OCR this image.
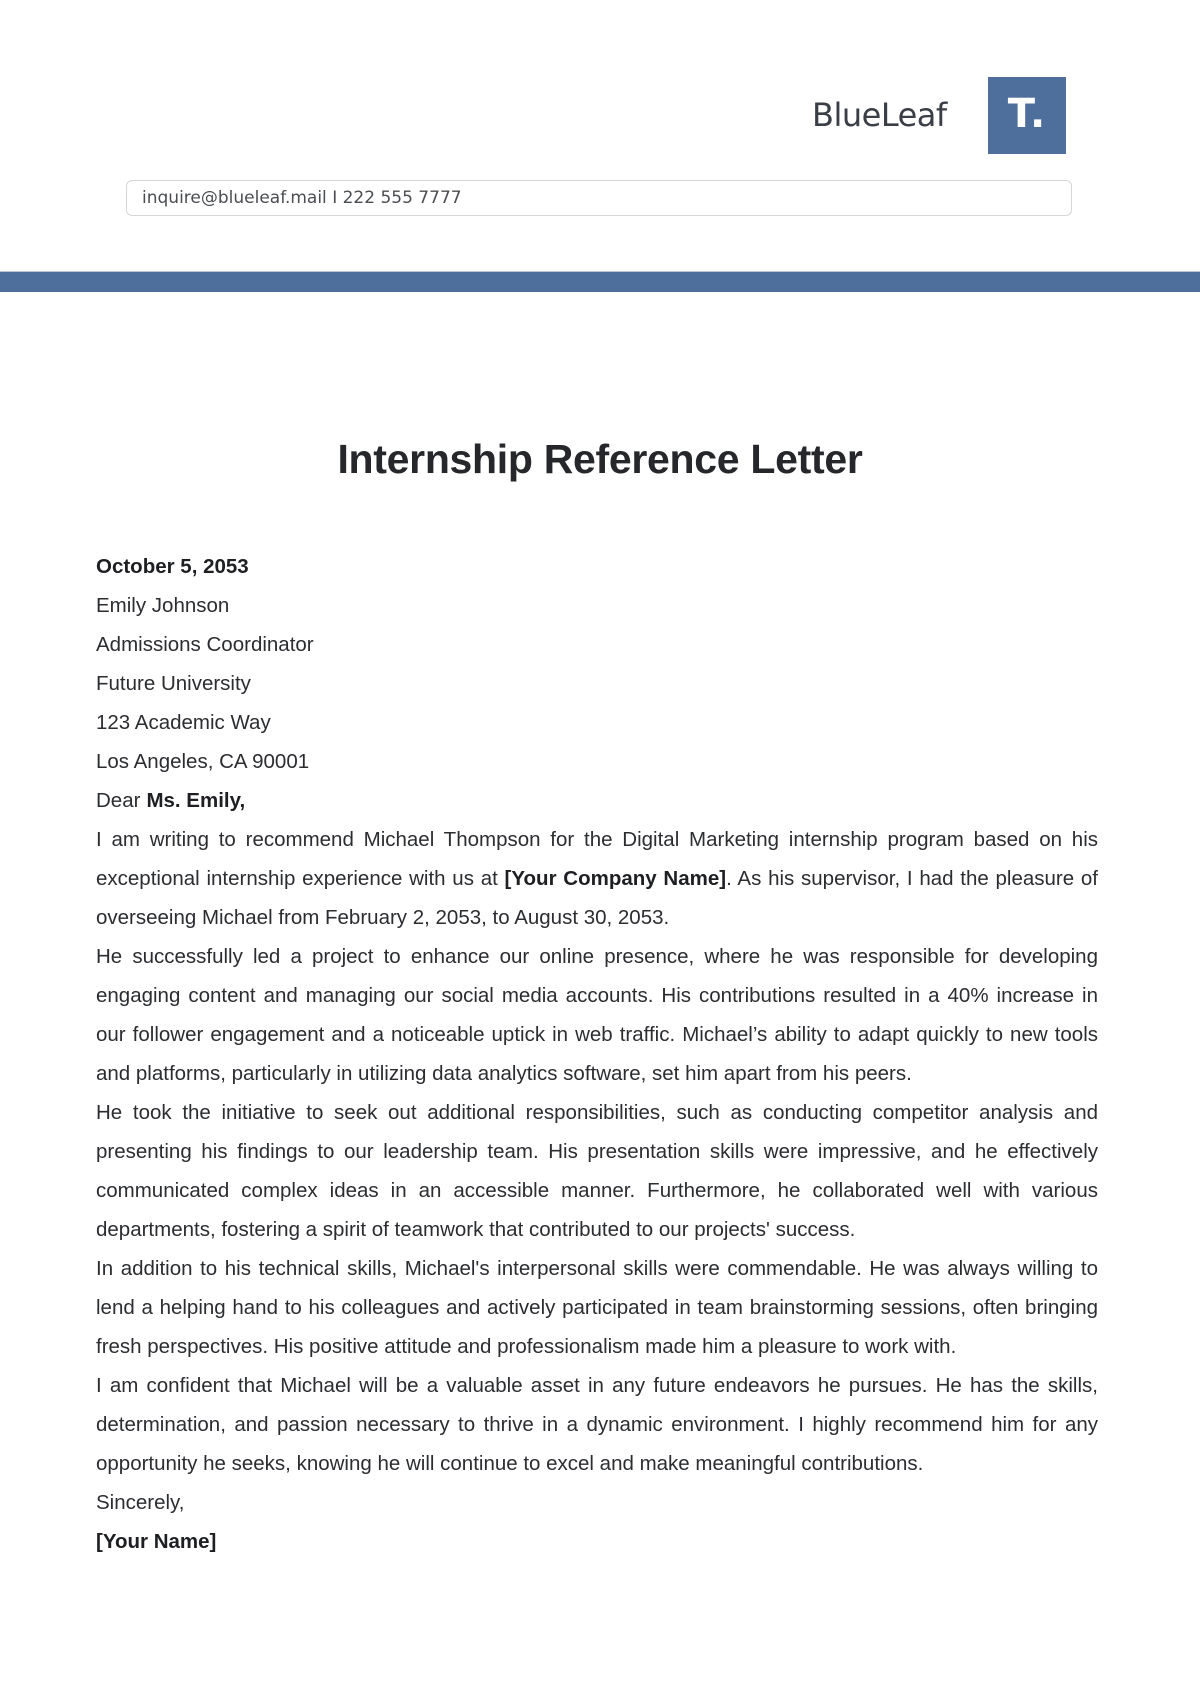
BlueLeaf T.
inquire@blueleaf.mail I 222 555 7777
Internship Reference Letter

October 5, 2053

Emily Johnson

Admissions Coordinator

Future University

123 Academic Way

Los Angeles, CA 90001

Dear Ms. Emily,

I am writing to recommend Michael Thompson for the Digital Marketing internship program based on his exceptional internship experience with us at [Your Company Name]. As his supervisor, I had the pleasure of overseeing Michael from February 2, 2053, to August 30, 2053.

He successfully led a project to enhance our online presence, where he was responsible for developing engaging content and managing our social media accounts. His contributions resulted in a 40% increase in our follower engagement and a noticeable uptick in web traffic. Michael’s ability to adapt quickly to new tools and platforms, particularly in utilizing data analytics software, set him apart from his peers.

He took the initiative to seek out additional responsibilities, such as conducting competitor analysis and presenting his findings to our leadership team. His presentation skills were impressive, and he effectively communicated complex ideas in an accessible manner. Furthermore, he collaborated well with various departments, fostering a spirit of teamwork that contributed to our projects' success.

In addition to his technical skills, Michael's interpersonal skills were commendable. He was always willing to lend a helping hand to his colleagues and actively participated in team brainstorming sessions, often bringing fresh perspectives. His positive attitude and professionalism made him a pleasure to work with.

I am confident that Michael will be a valuable asset in any future endeavors he pursues. He has the skills, determination, and passion necessary to thrive in a dynamic environment. I highly recommend him for any opportunity he seeks, knowing he will continue to excel and make meaningful contributions.

Sincerely,

[Your Name]
